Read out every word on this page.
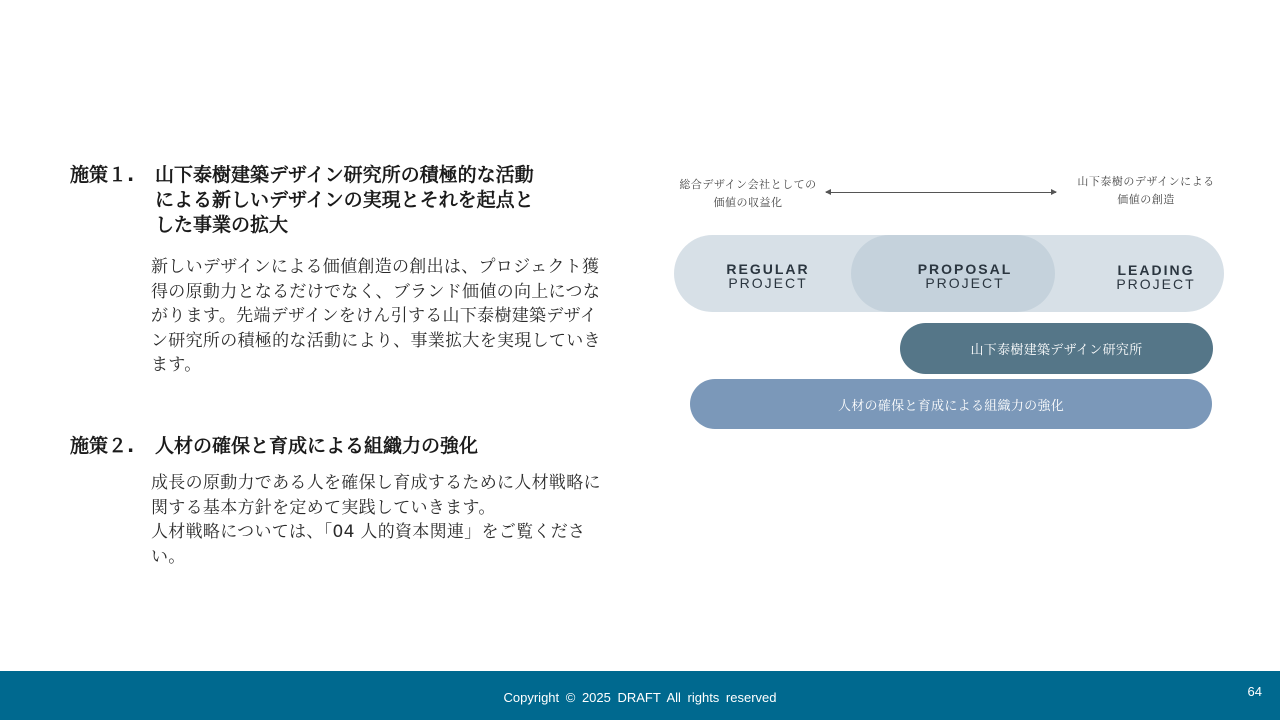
施策１.	山下泰樹建築デザイン研究所の積極的な活動による新しいデザインの実現とそれを起点とした事業の拡大
新しいデザインによる価値創造の創出は、プロジェクト獲得の原動力となるだけでなく、ブランド価値の向上につながります。先端デザインをけん引する山下泰樹建築デザイン研究所の積極的な活動により、事業拡大を実現していきます。
施策２.	人材の確保と育成による組織力の強化
成長の原動力である人を確保し育成するために人材戦略に関する基本方針を定めて実践していきます。
人材戦略については、「04 人的資本関連」をご覧ください。
総合デザイン会社としての
価値の収益化
山下泰樹のデザインによる
価値の創造
REGULAR
PROJECT
PROPOSAL
PROJECT
LEADING
PROJECT
山下泰樹建築デザイン研究所
人材の確保と育成による組織力の強化
Copyright © 2025 DRAFT All rights reserved	64
